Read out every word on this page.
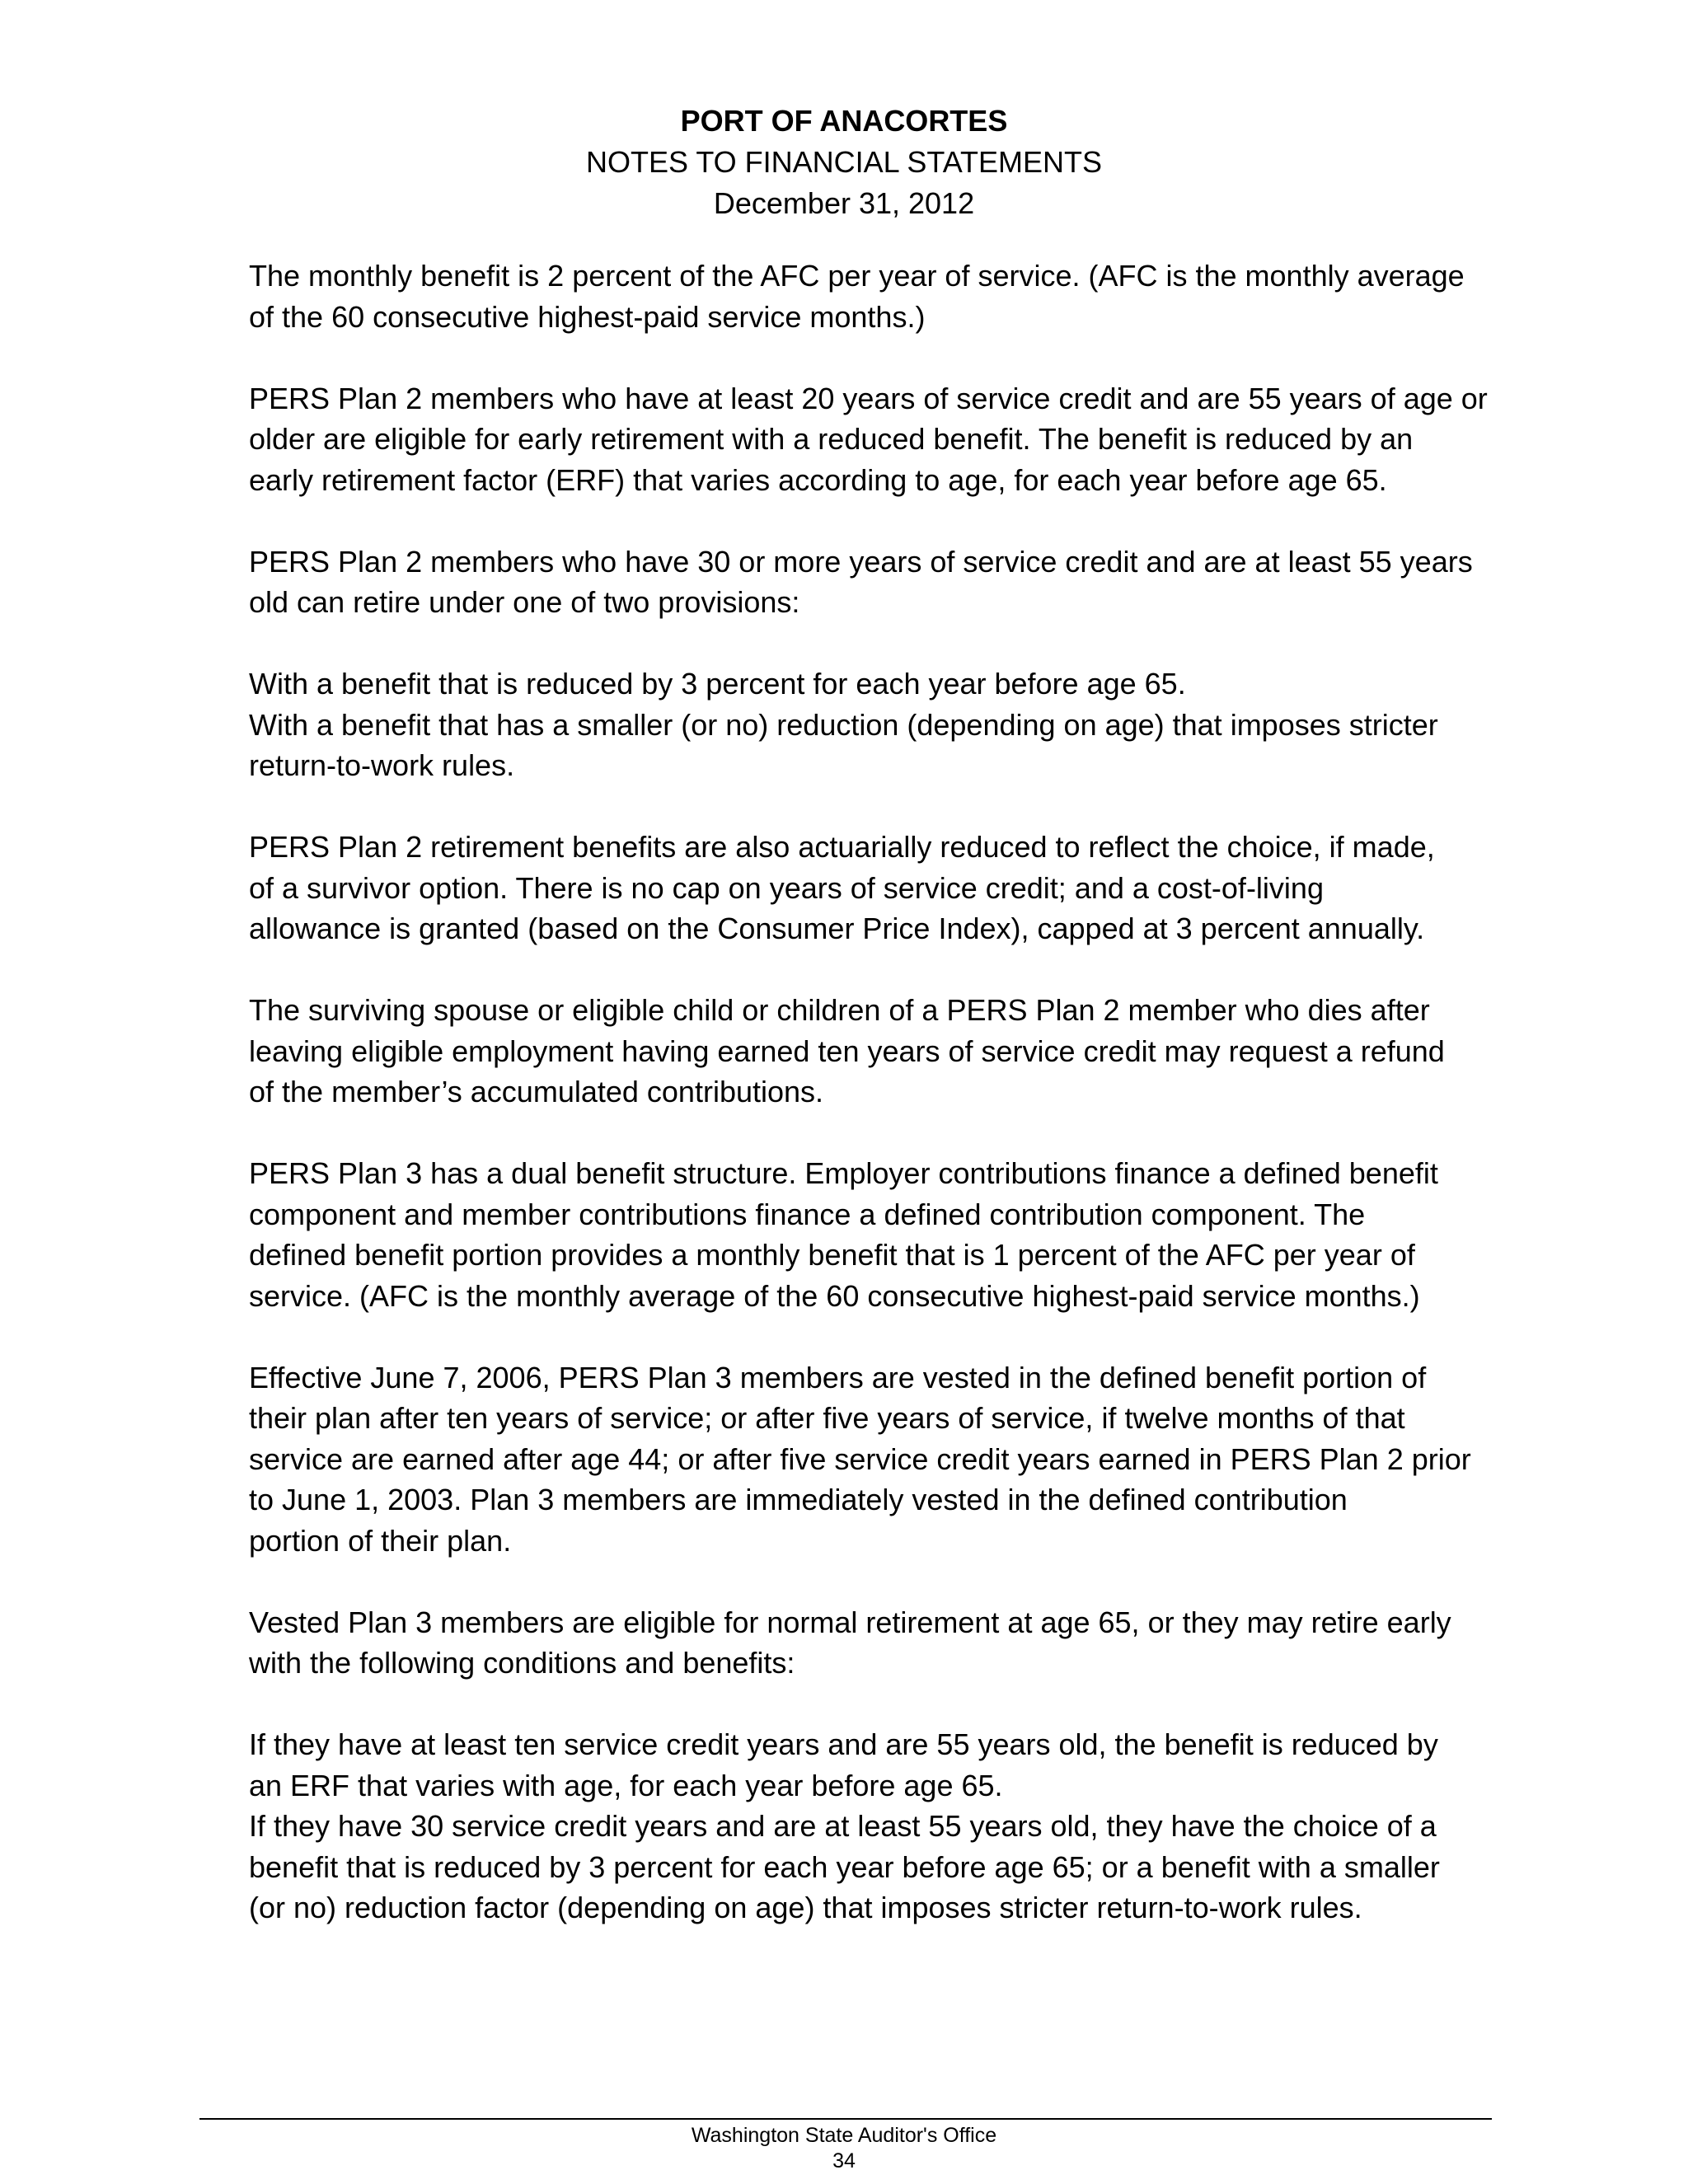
PORT OF ANACORTES
NOTES TO FINANCIAL STATEMENTS
December 31, 2012
The monthly benefit is 2 percent of the AFC per year of service. (AFC is the monthly average
of the 60 consecutive highest-paid service months.)
PERS Plan 2 members who have at least 20 years of service credit and are 55 years of age or
older are eligible for early retirement with a reduced benefit. The benefit is reduced by an
early retirement factor (ERF) that varies according to age, for each year before age 65.
PERS Plan 2 members who have 30 or more years of service credit and are at least 55 years
old can retire under one of two provisions:
With a benefit that is reduced by 3 percent for each year before age 65.
With a benefit that has a smaller (or no) reduction (depending on age) that imposes stricter
return-to-work rules.
PERS Plan 2 retirement benefits are also actuarially reduced to reflect the choice, if made,
of a survivor option. There is no cap on years of service credit; and a cost-of-living
allowance is granted (based on the Consumer Price Index), capped at 3 percent annually.
The surviving spouse or eligible child or children of a PERS Plan 2 member who dies after
leaving eligible employment having earned ten years of service credit may request a refund
of the member’s accumulated contributions.
PERS Plan 3 has a dual benefit structure. Employer contributions finance a defined benefit
component and member contributions finance a defined contribution component. The
defined benefit portion provides a monthly benefit that is 1 percent of the AFC per year of
service. (AFC is the monthly average of the 60 consecutive highest-paid service months.)
Effective June 7, 2006, PERS Plan 3 members are vested in the defined benefit portion of
their plan after ten years of service; or after five years of service, if twelve months of that
service are earned after age 44; or after five service credit years earned in PERS Plan 2 prior
to June 1, 2003. Plan 3 members are immediately vested in the defined contribution
portion of their plan.
Vested Plan 3 members are eligible for normal retirement at age 65, or they may retire early
with the following conditions and benefits:
If they have at least ten service credit years and are 55 years old, the benefit is reduced by
an ERF that varies with age, for each year before age 65.
If they have 30 service credit years and are at least 55 years old, they have the choice of a
benefit that is reduced by 3 percent for each year before age 65; or a benefit with a smaller
(or no) reduction factor (depending on age) that imposes stricter return-to-work rules.
Washington State Auditor's Office
34
